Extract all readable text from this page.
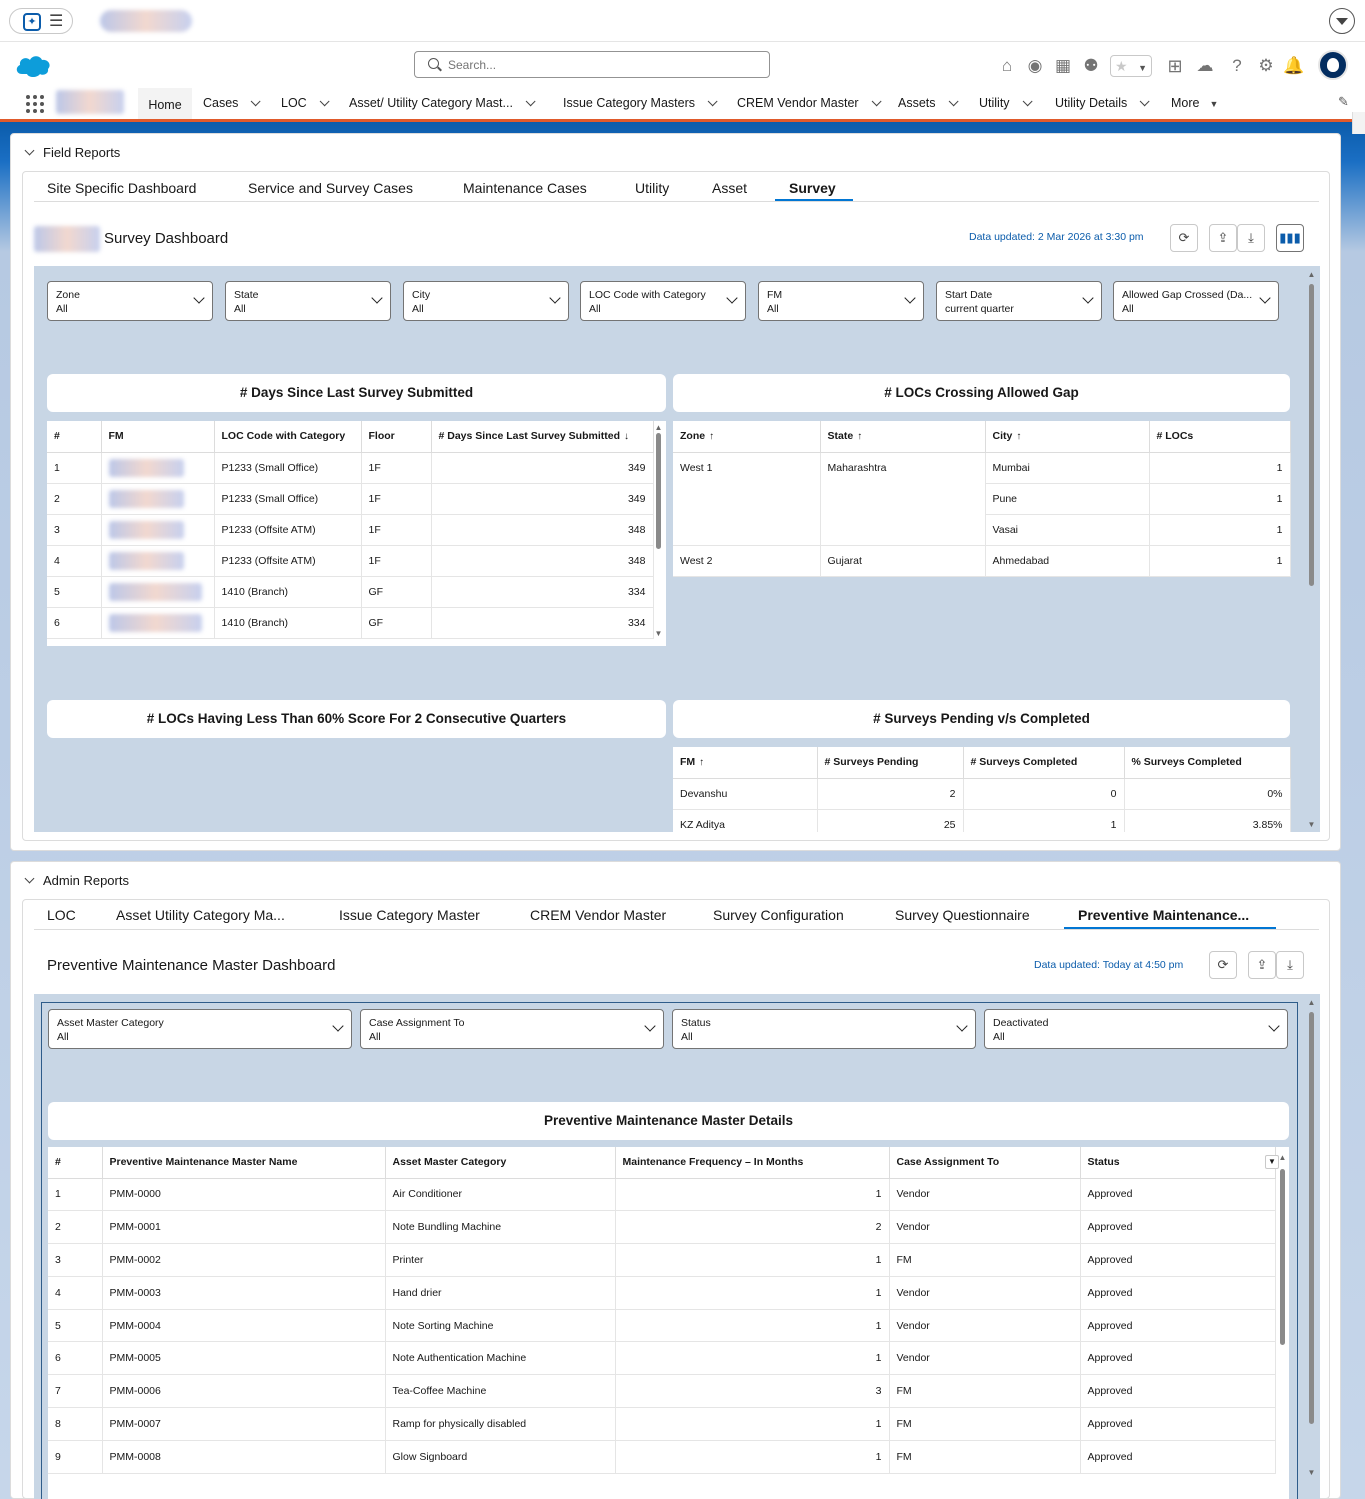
✦ ☰
Search...
⌂ ◉ ▦ ⚉	★ ▼ ⊞ ☁	? ⚙ 🔔
Home	Cases	LOC	Asset/ Utility Category Mast...	Issue Category Masters	CREM Vendor Master	Assets	Utility	Utility Details	More ▼	✎
Field Reports
Site Specific Dashboard	Service and Survey Cases	Maintenance Cases	Utility	Asset	Survey
Survey Dashboard	Data updated: 2 Mar 2026 at 3:30 pm	⟳ ⇪ ⤓ ▮▮▮
Zone
All
State
All
City
All
LOC Code with Category
All
FM
All
Start Date
current quarter
Allowed Gap Crossed (Da...
All
# Days Since Last Survey Submitted
#	FM	LOC Code with Category	Floor	# Days Since Last Survey Submitted ↓
1		P1233 (Small Office)	1F	349
2		P1233 (Small Office)	1F	349
3		P1233 (Offsite ATM)	1F	348
4		P1233 (Offsite ATM)	1F	348
5		1410 (Branch)	GF	334
6		1410 (Branch)	GF	334
▲
▼
# LOCs Crossing Allowed Gap
Zone ↑	State ↑	City ↑	# LOCs
West 1	Maharashtra	Mumbai	1
		Pune	1
		Vasai	1
West 2	Gujarat	Ahmedabad	1
# LOCs Having Less Than 60% Score For 2 Consecutive Quarters	# Surveys Pending v/s Completed
FM ↑	# Surveys Pending	# Surveys Completed	% Surveys Completed
Devanshu	2	0	0%
KZ Aditya	25	1	3.85%
▲
▼
Admin Reports
LOC	Asset Utility Category Ma...	Issue Category Master	CREM Vendor Master	Survey Configuration	Survey Questionnaire	Preventive Maintenance...
Preventive Maintenance Master Dashboard	Data updated: Today at 4:50 pm	⟳ ⇪ ⤓
Asset Master Category
All
Case Assignment To
All
Status
All
Deactivated
All
Preventive Maintenance Master Details
#	Preventive Maintenance Master Name	Asset Master Category	Maintenance Frequency – In Months	Case Assignment To	Status
1	PMM-0000	Air Conditioner	1	Vendor	Approved
2	PMM-0001	Note Bundling Machine	2	Vendor	Approved
3	PMM-0002	Printer	1	FM	Approved
4	PMM-0003	Hand drier	1	Vendor	Approved
5	PMM-0004	Note Sorting Machine	1	Vendor	Approved
6	PMM-0005	Note Authentication Machine	1	Vendor	Approved
7	PMM-0006	Tea-Coffee Machine	3	FM	Approved
8	PMM-0007	Ramp for physically disabled	1	FM	Approved
9	PMM-0008	Glow Signboard	1	FM	Approved
▼ ▲
▲
▼
